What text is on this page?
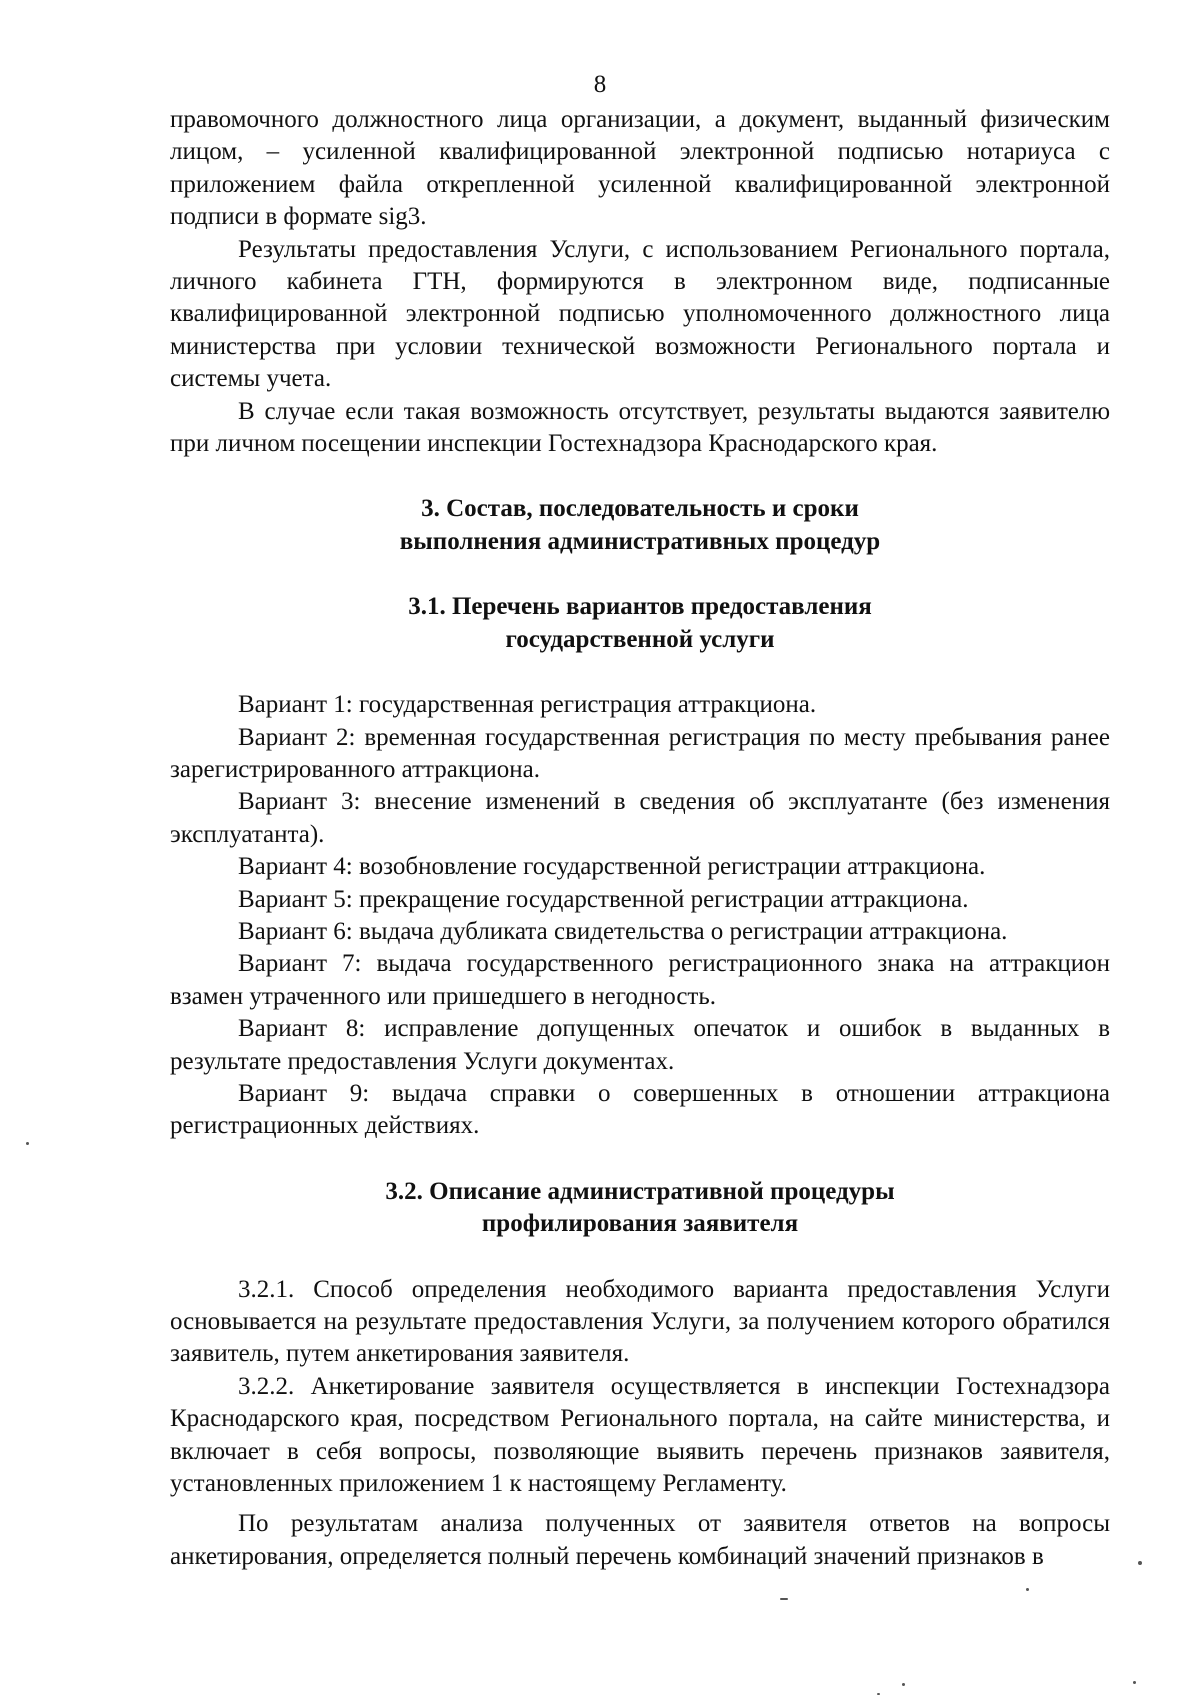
8

правомочного должностного лица организации, а документ, выданный физическим лицом, – усиленной квалифицированной электронной подписью нотариуса с приложением файла открепленной усиленной квалифицированной электронной подписи в формате sig3.

Результаты предоставления Услуги, с использованием Регионального портала, личного кабинета ГТН, формируются в электронном виде, подписанные квалифицированной электронной подписью уполномоченного должностного лица министерства при условии технической возможности Регионального портала и системы учета.

В случае если такая возможность отсутствует, результаты выдаются заявителю при личном посещении инспекции Гостехнадзора Краснодарского края.

3. Состав, последовательность и сроки
выполнения административных процедур
3.1. Перечень вариантов предоставления
государственной услуги

Вариант 1: государственная регистрация аттракциона.

Вариант 2: временная государственная регистрация по месту пребывания ранее зарегистрированного аттракциона.

Вариант 3: внесение изменений в сведения об эксплуатанте (без изменения эксплуатанта).

Вариант 4: возобновление государственной регистрации аттракциона.

Вариант 5: прекращение государственной регистрации аттракциона.

Вариант 6: выдача дубликата свидетельства о регистрации аттракциона.

Вариант 7: выдача государственного регистрационного знака на аттракцион взамен утраченного или пришедшего в негодность.

Вариант 8: исправление допущенных опечаток и ошибок в выданных в результате предоставления Услуги документах.

Вариант 9: выдача справки о совершенных в отношении аттракциона регистрационных действиях.

3.2. Описание административной процедуры
профилирования заявителя

3.2.1. Способ определения необходимого варианта предоставления Услуги основывается на результате предоставления Услуги, за получением которого обратился заявитель, путем анкетирования заявителя.

3.2.2. Анкетирование заявителя осуществляется в инспекции Гостехнадзора Краснодарского края, посредством Регионального портала, на сайте министерства, и включает в себя вопросы, позволяющие выявить перечень признаков заявителя, установленных приложением 1 к настоящему Регламенту.

По результатам анализа полученных от заявителя ответов на вопросы анкетирования, определяется полный перечень комбинаций значений признаков в
